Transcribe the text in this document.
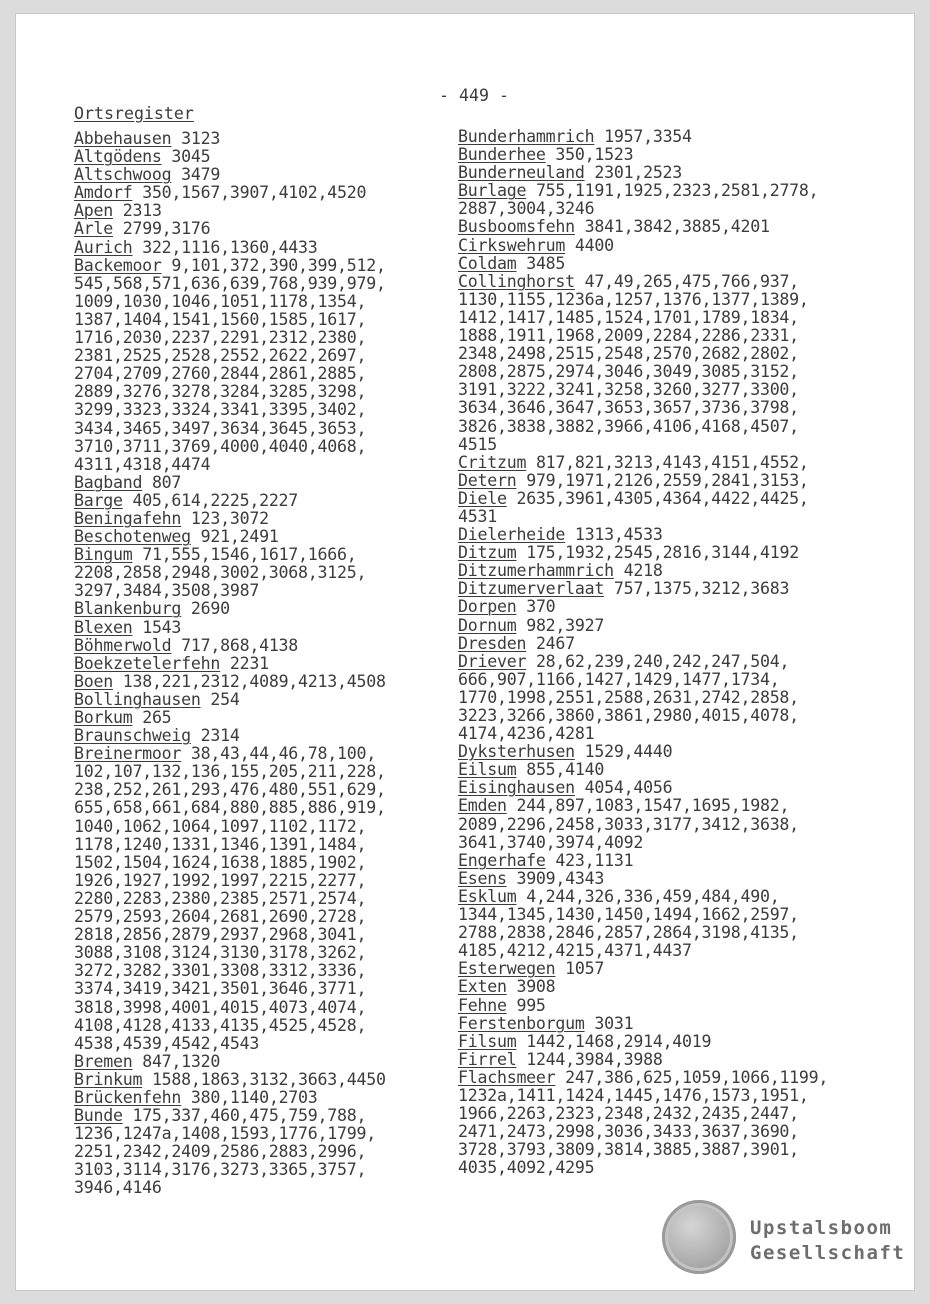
- 449 -
Ortsregister
Abbehausen 3123
Altgödens 3045
Altschwoog 3479
Amdorf 350,1567,3907,4102,4520
Apen 2313
Arle 2799,3176
Aurich 322,1116,1360,4433
Backemoor 9,101,372,390,399,512,
545,568,571,636,639,768,939,979,
1009,1030,1046,1051,1178,1354,
1387,1404,1541,1560,1585,1617,
1716,2030,2237,2291,2312,2380,
2381,2525,2528,2552,2622,2697,
2704,2709,2760,2844,2861,2885,
2889,3276,3278,3284,3285,3298,
3299,3323,3324,3341,3395,3402,
3434,3465,3497,3634,3645,3653,
3710,3711,3769,4000,4040,4068,
4311,4318,4474
Bagband 807
Barge 405,614,2225,2227
Beningafehn 123,3072
Beschotenweg 921,2491
Bingum 71,555,1546,1617,1666,
2208,2858,2948,3002,3068,3125,
3297,3484,3508,3987
Blankenburg 2690
Blexen 1543
Böhmerwold 717,868,4138
Boekzetelerfehn 2231
Boen 138,221,2312,4089,4213,4508
Bollinghausen 254
Borkum 265
Braunschweig 2314
Breinermoor 38,43,44,46,78,100,
102,107,132,136,155,205,211,228,
238,252,261,293,476,480,551,629,
655,658,661,684,880,885,886,919,
1040,1062,1064,1097,1102,1172,
1178,1240,1331,1346,1391,1484,
1502,1504,1624,1638,1885,1902,
1926,1927,1992,1997,2215,2277,
2280,2283,2380,2385,2571,2574,
2579,2593,2604,2681,2690,2728,
2818,2856,2879,2937,2968,3041,
3088,3108,3124,3130,3178,3262,
3272,3282,3301,3308,3312,3336,
3374,3419,3421,3501,3646,3771,
3818,3998,4001,4015,4073,4074,
4108,4128,4133,4135,4525,4528,
4538,4539,4542,4543
Bremen 847,1320
Brinkum 1588,1863,3132,3663,4450
Brückenfehn 380,1140,2703
Bunde 175,337,460,475,759,788,
1236,1247a,1408,1593,1776,1799,
2251,2342,2409,2586,2883,2996,
3103,3114,3176,3273,3365,3757,
3946,4146
Bunderhammrich 1957,3354
Bunderhee 350,1523
Bunderneuland 2301,2523
Burlage 755,1191,1925,2323,2581,2778,
2887,3004,3246
Busboomsfehn 3841,3842,3885,4201
Cirkswehrum 4400
Coldam 3485
Collinghorst 47,49,265,475,766,937,
1130,1155,1236a,1257,1376,1377,1389,
1412,1417,1485,1524,1701,1789,1834,
1888,1911,1968,2009,2284,2286,2331,
2348,2498,2515,2548,2570,2682,2802,
2808,2875,2974,3046,3049,3085,3152,
3191,3222,3241,3258,3260,3277,3300,
3634,3646,3647,3653,3657,3736,3798,
3826,3838,3882,3966,4106,4168,4507,
4515
Critzum 817,821,3213,4143,4151,4552,
Detern 979,1971,2126,2559,2841,3153,
Diele 2635,3961,4305,4364,4422,4425,
4531
Dielerheide 1313,4533
Ditzum 175,1932,2545,2816,3144,4192
Ditzumerhammrich 4218
Ditzumerverlaat 757,1375,3212,3683
Dorpen 370
Dornum 982,3927
Dresden 2467
Driever 28,62,239,240,242,247,504,
666,907,1166,1427,1429,1477,1734,
1770,1998,2551,2588,2631,2742,2858,
3223,3266,3860,3861,2980,4015,4078,
4174,4236,4281
Dyksterhusen 1529,4440
Eilsum 855,4140
Eisinghausen 4054,4056
Emden 244,897,1083,1547,1695,1982,
2089,2296,2458,3033,3177,3412,3638,
3641,3740,3974,4092
Engerhafe 423,1131
Esens 3909,4343
Esklum 4,244,326,336,459,484,490,
1344,1345,1430,1450,1494,1662,2597,
2788,2838,2846,2857,2864,3198,4135,
4185,4212,4215,4371,4437
Esterwegen 1057
Exten 3908
Fehne 995
Ferstenborgum 3031
Filsum 1442,1468,2914,4019
Firrel 1244,3984,3988
Flachsmeer 247,386,625,1059,1066,1199,
1232a,1411,1424,1445,1476,1573,1951,
1966,2263,2323,2348,2432,2435,2447,
2471,2473,2998,3036,3433,3637,3690,
3728,3793,3809,3814,3885,3887,3901,
4035,4092,4295
Upstalsboom
Gesellschaft
